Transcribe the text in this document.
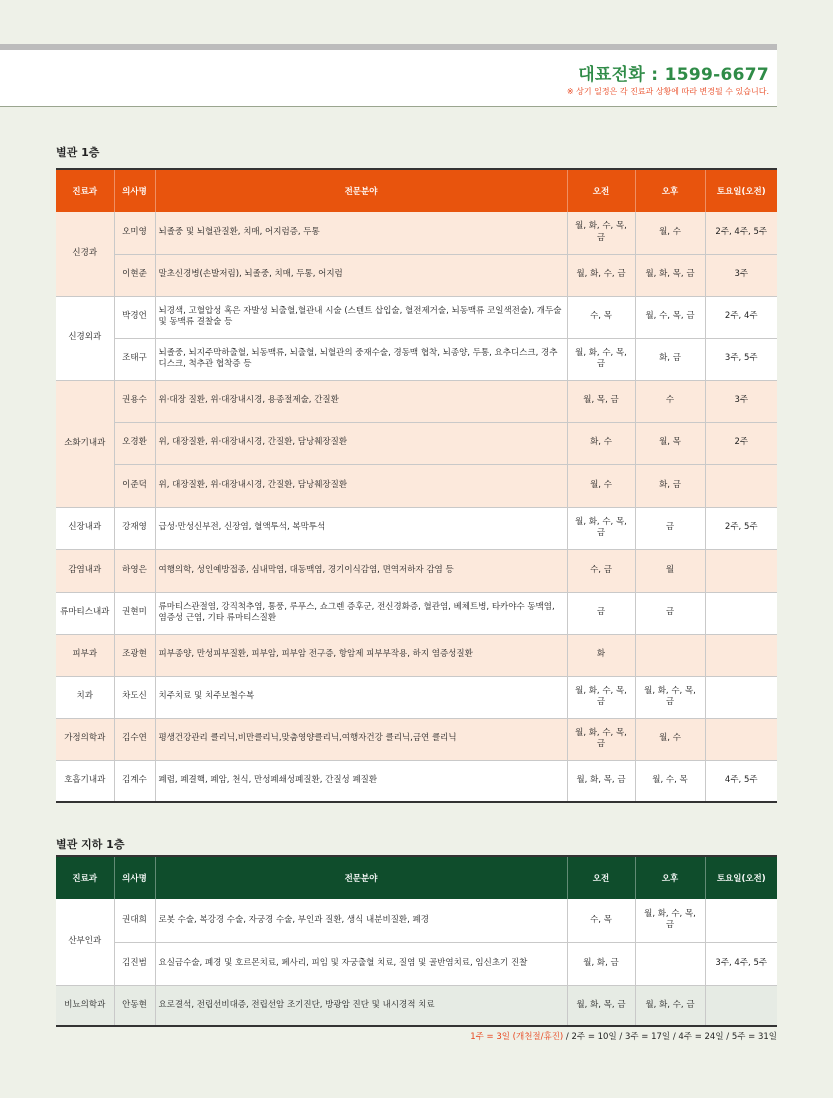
대표전화 : 1599-6677
※ 상기 일정은 각 진료과 상황에 따라 변경될 수 있습니다.
별관 1층
진료과	의사명	전문분야	오전	오후	토요일(오전)
신경과	오미영	뇌졸중 및 뇌혈관질환, 치매, 어지럼증, 두통	월, 화, 수, 목, 금	월, 수	2주, 4주, 5주
	이현준	말초신경병(손발저림), 뇌졸중, 치매, 두통, 어지럼	월, 화, 수, 금	월, 화, 목, 금	3주
신경외과	박경언	뇌경색, 고혈압성 혹은 자발성 뇌출혈,혈관내 시술 (스텐트 삽입술, 혈전제거술, 뇌동맥류 코일색전술), 개두술 및 동맥류 결찰술 등	수, 목	월, 수, 목, 금	2주, 4주
	조태구	뇌졸중, 뇌지주막하출혈, 뇌동맥류, 뇌출혈, 뇌혈관의 중재수술, 경동맥 협착, 뇌종양, 두통, 요추디스크, 경추 디스크, 척추관 협착증 등	월, 화, 수, 목, 금	화, 금	3주, 5주
소화기내과	권용수	위·대장 질환, 위·대장내시경, 용종절제술, 간질환	월, 목, 금	수	3주
	오경환	위, 대장질환, 위·대장내시경, 간질환, 담낭췌장질환	화, 수	월, 목	2주
	이준덕	위, 대장질환, 위·대장내시경, 간질환, 담낭췌장질환	월, 수	화, 금	
신장내과	강재영	급성·만성신부전, 신장염, 혈액투석, 복막투석	월, 화, 수, 목, 금	금	2주, 5주
감염내과	하영은	여행의학, 성인예방접종, 심내막염, 대동맥염, 경기이식감염, 면역저하자 감염 등	수, 금	월	
류마티스내과	권현미	류마티스관절염, 강직척추염, 통풍, 루푸스, 쇼그렌 증후군, 전신경화증, 혈관염, 베체트병, 타카야수 동맥염, 염증성 근염, 기타 류마티스질환	금	금	
피부과	조광현	피부종양, 만성피부질환, 피부암, 피부암 전구증, 항암제 피부부작용, 하지 염증성질환	화		
치과	차도신	치주치료 및 치주보철수복	월, 화, 수, 목, 금	월, 화, 수, 목, 금	
가정의학과	김수연	평생건강관리 클리닉,비만클리닉,맞춤영양클리닉,여행자건강 클리닉,금연 클리닉	월, 화, 수, 목, 금	월, 수	
호흡기내과	김계수	폐렴, 폐결핵, 폐암, 천식, 만성폐쇄성폐질환, 간질성 폐질환	월, 화, 목, 금	월, 수, 목	4주, 5주
별관 지하 1층
진료과	의사명	전문분야	오전	오후	토요일(오전)
산부인과	권대희	로봇 수술, 복강경 수술, 자궁경 수술, 부인과 질환, 생식 내분비질환, 폐경	수, 목	월, 화, 수, 목, 금	
	김진범	요실금수술, 폐경 및 호르몬치료, 페사리, 피임 및 자궁출혈 치료, 질염 및 골반염치료, 임신초기 진찰	월, 화, 금		3주, 4주, 5주
비뇨의학과	안동현	요로결석, 전립선비대증, 전립선암 조기진단, 방광암 진단 및 내시경적 치료	월, 화, 목, 금	월, 화, 수, 금	
1주 = 3일 (개천절/휴진) / 2주 = 10일 / 3주 = 17일 / 4주 = 24일 / 5주 = 31일
